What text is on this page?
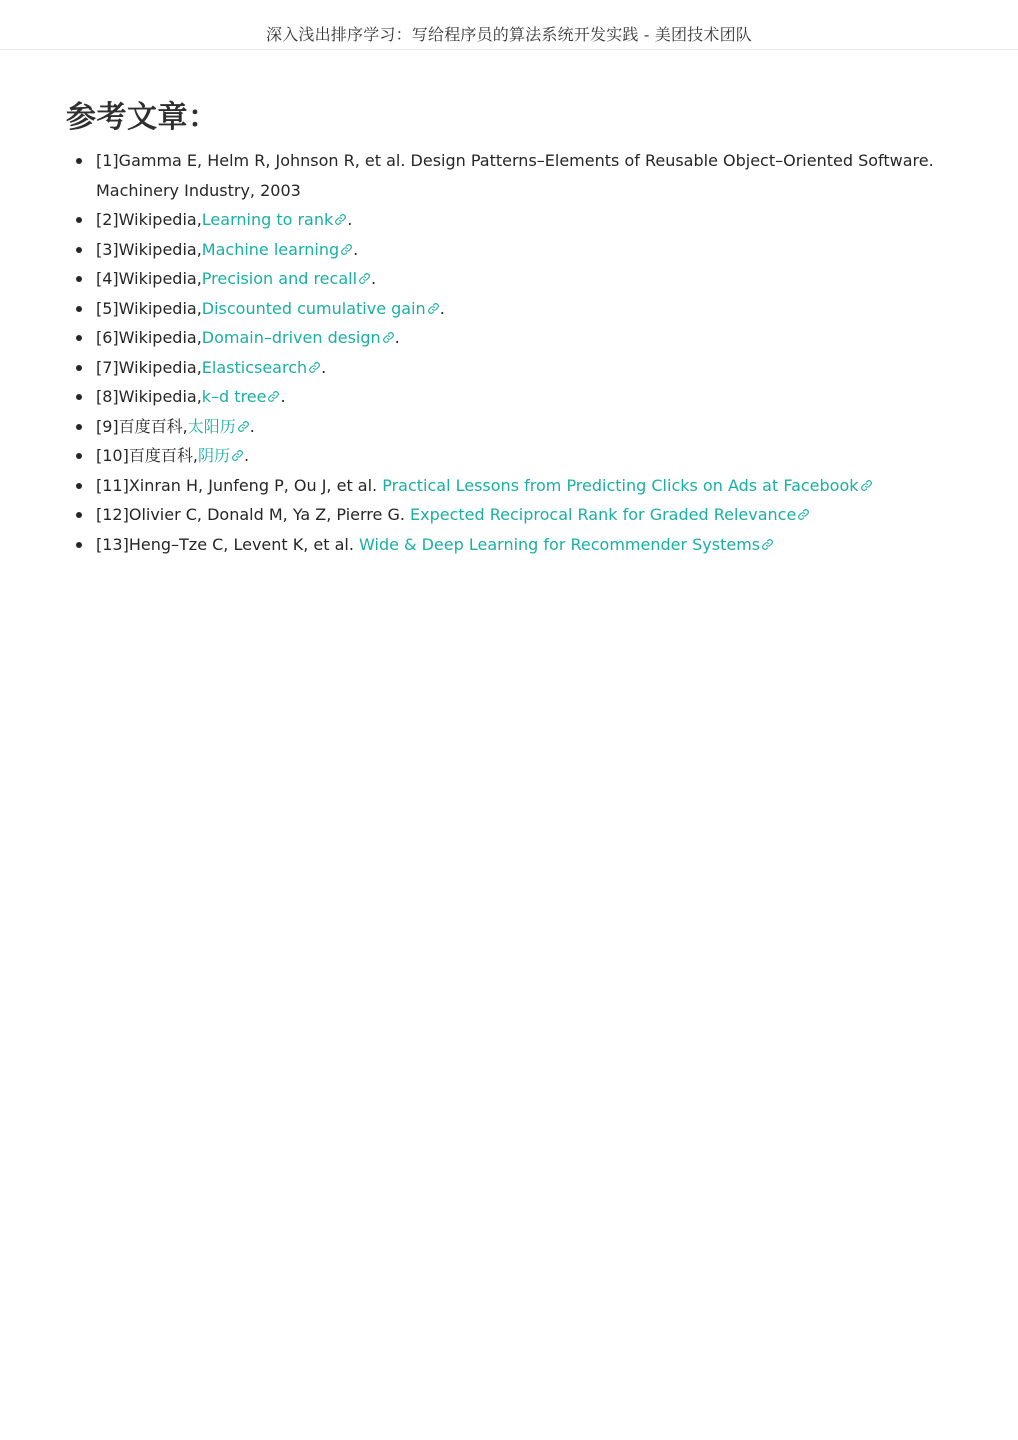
深入浅出排序学习：写给程序员的算法系统开发实践 - 美团技术团队
参考文章：
[1]Gamma E, Helm R, Johnson R, et al. Design Patterns–Elements of Reusable Object–Oriented Software. Machinery Industry, 2003
[2]Wikipedia,Learning to rank .
[3]Wikipedia,Machine learning .
[4]Wikipedia,Precision and recall .
[5]Wikipedia,Discounted cumulative gain .
[6]Wikipedia,Domain–driven design .
[7]Wikipedia,Elasticsearch .
[8]Wikipedia,k–d tree .
[9]百度百科,太阳历 .
[10]百度百科,阴历 .
[11]Xinran H, Junfeng P, Ou J, et al. Practical Lessons from Predicting Clicks on Ads at Facebook
[12]Olivier C, Donald M, Ya Z, Pierre G. Expected Reciprocal Rank for Graded Relevance
[13]Heng–Tze C, Levent K, et al. Wide & Deep Learning for Recommender Systems
